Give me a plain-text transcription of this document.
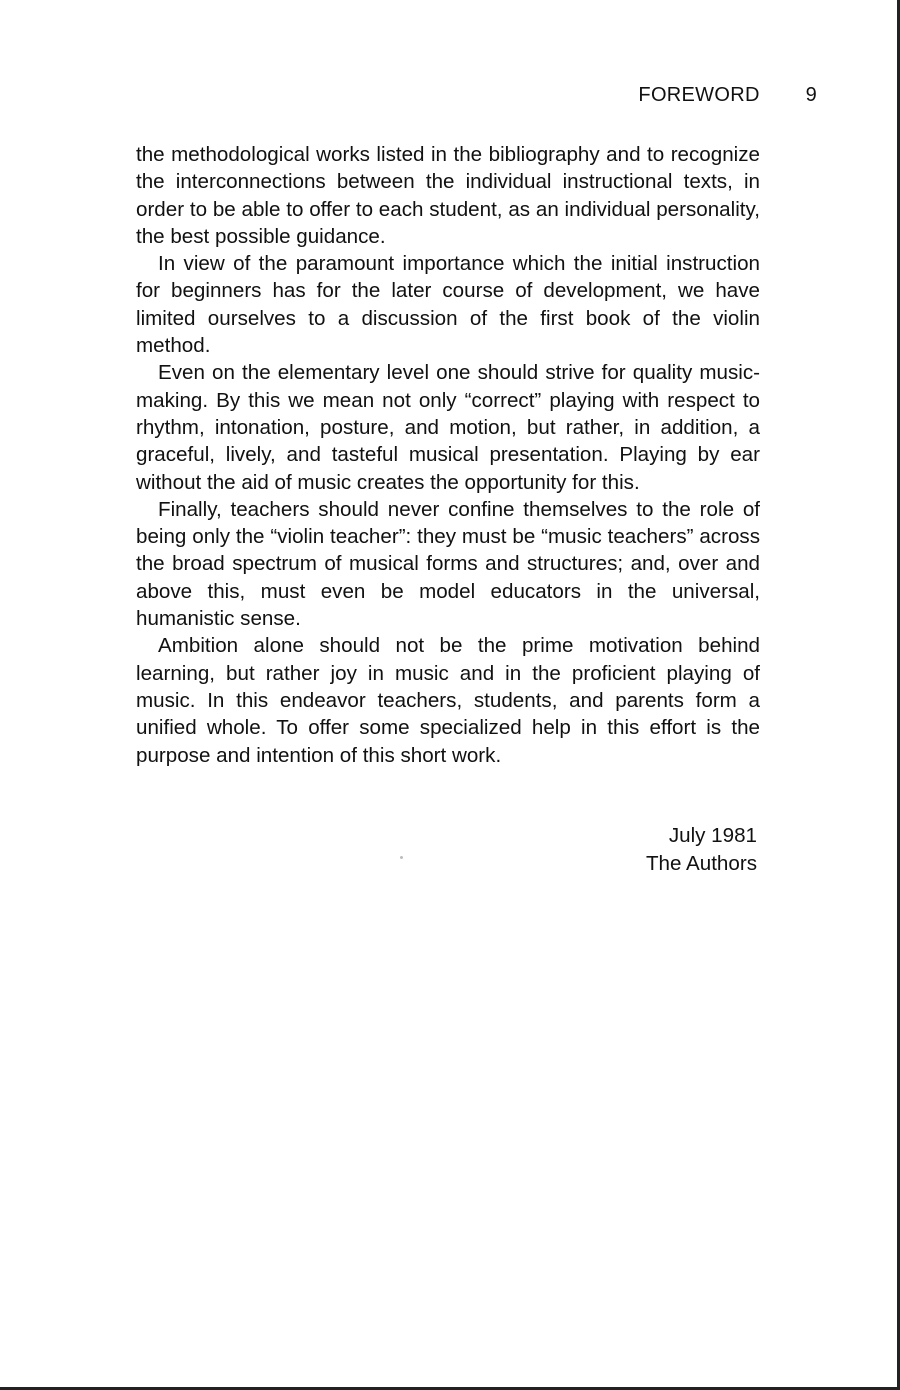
FOREWORD 9

the methodological works listed in the bibliography and to recognize the interconnections between the individual instructional texts, in order to be able to offer to each student, as an individual personality, the best possible guidance.

In view of the paramount importance which the initial instruction for beginners has for the later course of development, we have limited ourselves to a discussion of the first book of the violin method.

Even on the elementary level one should strive for quality music-making. By this we mean not only “correct” playing with respect to rhythm, intonation, posture, and motion, but rather, in addition, a graceful, lively, and tasteful musical presentation. Playing by ear without the aid of music creates the opportunity for this.

Finally, teachers should never confine themselves to the role of being only the “violin teacher”: they must be “music teachers” across the broad spectrum of musical forms and structures; and, over and above this, must even be model educators in the universal, humanistic sense.

Ambition alone should not be the prime motivation behind learning, but rather joy in music and in the proficient playing of music. In this endeavor teachers, students, and parents form a unified whole. To offer some specialized help in this effort is the purpose and intention of this short work.

July 1981
The Authors
